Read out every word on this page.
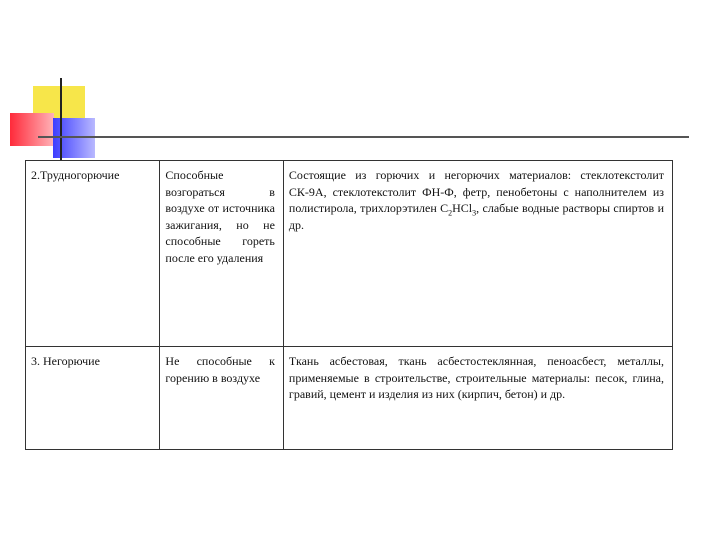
2.Трудногорючие	Способные возгораться в воздухе от источника зажигания, но не способные гореть после его удаления	Состоящие из горючих и негорючих материалов: стеклотекстолит СК-9А, стеклотекстолит ФН-Ф, фетр, пенобетоны с наполнителем из полистирола, трихлорэтилен $С_2НСl_3$, слабые водные растворы спиртов и др.
3. Негорючие	Не способные к горению в воздухе	Ткань асбестовая, ткань асбестостеклянная, пеноасбест, металлы, применяемые в строительстве, строительные материалы: песок, глина, гравий, цемент и изделия из них (кирпич, бетон) и др.
